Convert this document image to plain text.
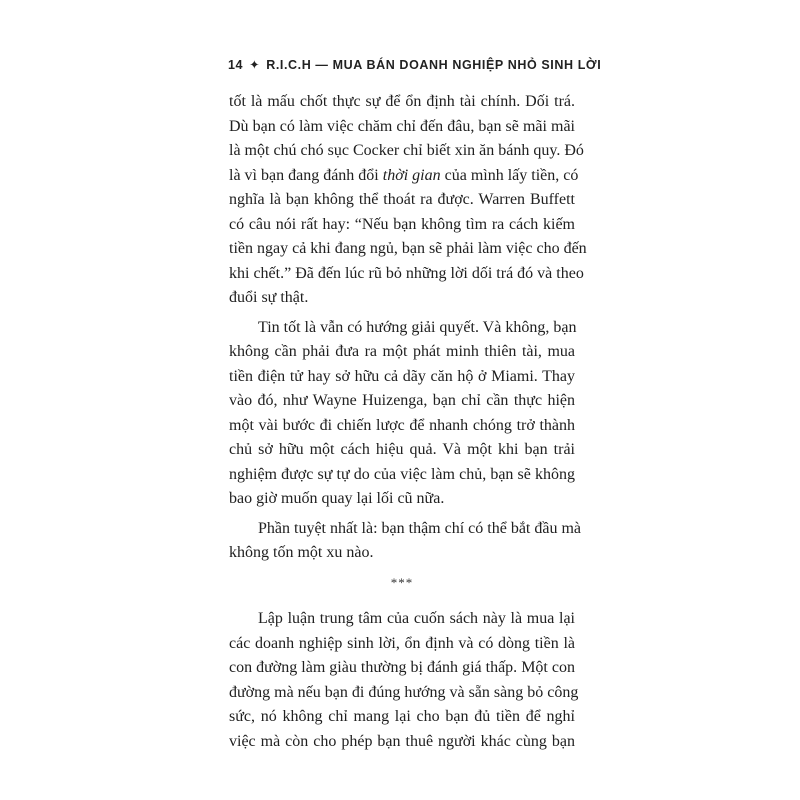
14 ✦ R.I.C.H — MUA BÁN DOANH NGHIỆP NHỎ SINH LỜI
tốt là mấu chốt thực sự để ổn định tài chính. Dối trá.
Dù bạn có làm việc chăm chỉ đến đâu, bạn sẽ mãi mãi
là một chú chó sục Cocker chỉ biết xin ăn bánh quy. Đó
là vì bạn đang đánh đổi thời gian của mình lấy tiền, có
nghĩa là bạn không thể thoát ra được. Warren Buffett
có câu nói rất hay: “Nếu bạn không tìm ra cách kiếm
tiền ngay cả khi đang ngủ, bạn sẽ phải làm việc cho đến
khi chết.” Đã đến lúc rũ bỏ những lời dối trá đó và theo
đuổi sự thật.
Tin tốt là vẫn có hướng giải quyết. Và không, bạn
không cần phải đưa ra một phát minh thiên tài, mua
tiền điện tử hay sở hữu cả dãy căn hộ ở Miami. Thay
vào đó, như Wayne Huizenga, bạn chỉ cần thực hiện
một vài bước đi chiến lược để nhanh chóng trở thành
chủ sở hữu một cách hiệu quả. Và một khi bạn trải
nghiệm được sự tự do của việc làm chủ, bạn sẽ không
bao giờ muốn quay lại lối cũ nữa.
Phần tuyệt nhất là: bạn thậm chí có thể bắt đầu mà
không tốn một xu nào.
***
Lập luận trung tâm của cuốn sách này là mua lại
các doanh nghiệp sinh lời, ổn định và có dòng tiền là
con đường làm giàu thường bị đánh giá thấp. Một con
đường mà nếu bạn đi đúng hướng và sẵn sàng bỏ công
sức, nó không chỉ mang lại cho bạn đủ tiền để nghỉ
việc mà còn cho phép bạn thuê người khác cùng bạn
